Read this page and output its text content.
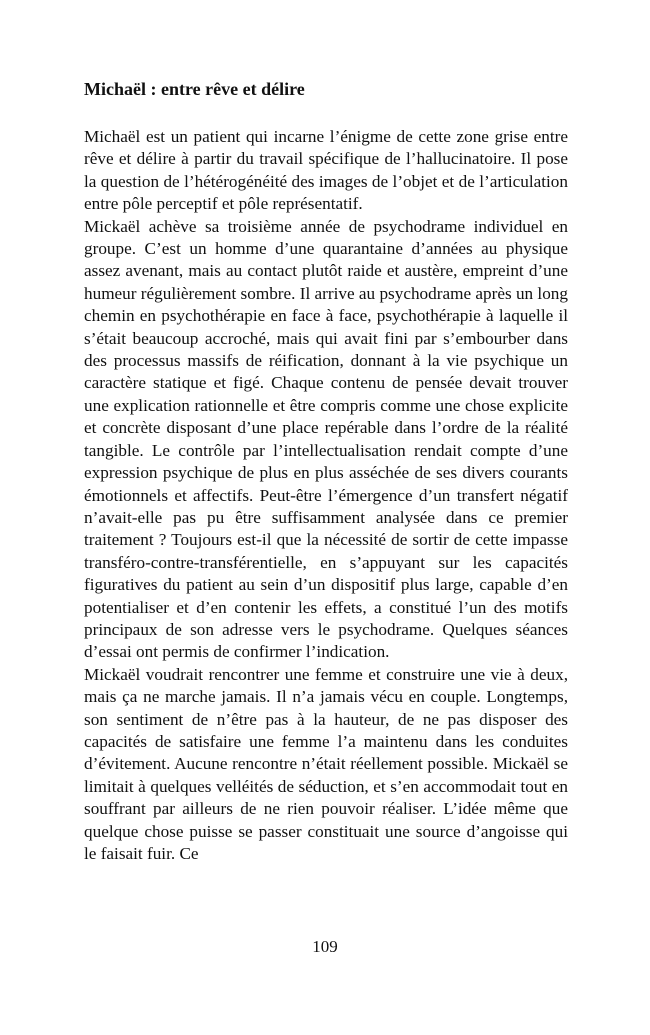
Michaël : entre rêve et délire

Michaël est un patient qui incarne l’énigme de cette zone grise entre rêve et délire à partir du travail spécifique de l’hallucinatoire. Il pose la question de l’hétérogénéité des images de l’objet et de l’articulation entre pôle perceptif et pôle représentatif.

Mickaël achève sa troisième année de psychodrame individuel en groupe. C’est un homme d’une quarantaine d’années au physique assez avenant, mais au contact plutôt raide et austère, empreint d’une humeur régulièrement sombre. Il arrive au psychodrame après un long chemin en psychothérapie en face à face, psychothérapie à laquelle il s’était beaucoup accroché, mais qui avait fini par s’embourber dans des processus massifs de réification, donnant à la vie psychique un caractère statique et figé. Chaque contenu de pensée devait trouver une explication rationnelle et être compris comme une chose explicite et concrète disposant d’une place repérable dans l’ordre de la réalité tangible. Le contrôle par l’intellectualisation rendait compte d’une expression psychique de plus en plus asséchée de ses divers courants émotionnels et affectifs. Peut-être l’émergence d’un transfert négatif n’avait-elle pas pu être suffisamment analysée dans ce premier traitement ? Toujours est-il que la nécessité de sortir de cette impasse transféro-contre-transférentielle, en s’appuyant sur les capacités figuratives du patient au sein d’un dispositif plus large, capable d’en potentialiser et d’en contenir les effets, a constitué l’un des motifs principaux de son adresse vers le psychodrame. Quelques séances d’essai ont permis de confirmer l’indication.

Mickaël voudrait rencontrer une femme et construire une vie à deux, mais ça ne marche jamais. Il n’a jamais vécu en couple. Longtemps, son sentiment de n’être pas à la hauteur, de ne pas disposer des capacités de satisfaire une femme l’a maintenu dans les conduites d’évitement. Aucune rencontre n’était réellement possible. Mickaël se limitait à quelques velléités de séduction, et s’en accommodait tout en souffrant par ailleurs de ne rien pouvoir réaliser. L’idée même que quelque chose puisse se passer constituait une source d’angoisse qui le faisait fuir. Ce

109
